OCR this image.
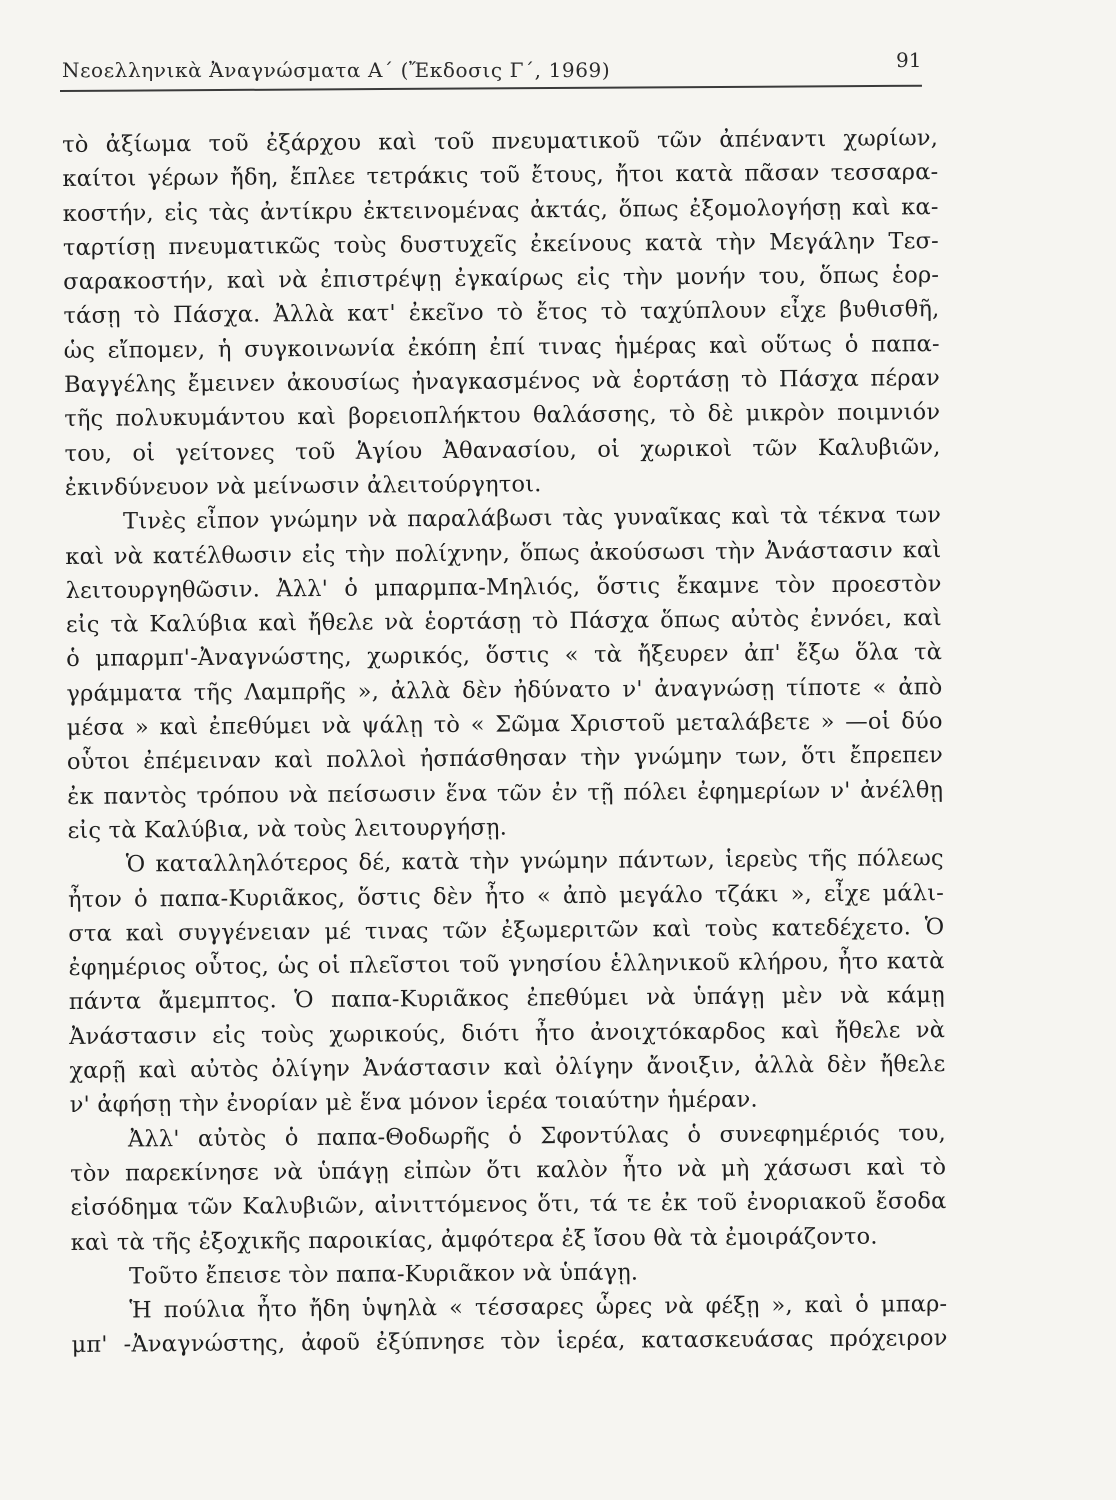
Νεοελληνικὰ Ἀναγνώσματα Α΄ (Ἔκδοσις Γ΄, 1969)	91
τὸ ἀξίωμα τοῦ ἐξάρχου καὶ τοῦ πνευματικοῦ τῶν ἀπέναντι χωρίων,
καίτοι γέρων ἤδη, ἔπλεε τετράκις τοῦ ἔτους, ἤτοι κατὰ πᾶσαν τεσσαρα-
κοστήν, εἰς τὰς ἀντίκρυ ἐκτεινομένας ἀκτάς, ὅπως ἐξομολογήσῃ καὶ κα-
ταρτίσῃ πνευματικῶς τοὺς δυστυχεῖς ἐκείνους κατὰ τὴν Μεγάλην Τεσ-
σαρακοστήν, καὶ νὰ ἐπιστρέψῃ ἐγκαίρως εἰς τὴν μονήν του, ὅπως ἑορ-
τάσῃ τὸ Πάσχα. Ἀλλὰ κατ' ἐκεῖνο τὸ ἔτος τὸ ταχύπλουν εἶχε βυθισθῆ,
ὡς εἴπομεν, ἡ συγκοινωνία ἐκόπη ἐπί τινας ἡμέρας καὶ οὕτως ὁ παπα-
Βαγγέλης ἔμεινεν ἀκουσίως ἠναγκασμένος νὰ ἑορτάσῃ τὸ Πάσχα πέραν
τῆς πολυκυμάντου καὶ βορειοπλήκτου θαλάσσης, τὸ δὲ μικρὸν ποιμνιόν
του, οἱ γείτονες τοῦ Ἁγίου Ἀθανασίου, οἱ χωρικοὶ τῶν Καλυβιῶν,
ἐκινδύνευον νὰ μείνωσιν ἀλειτούργητοι.
Τινὲς εἶπον γνώμην νὰ παραλάβωσι τὰς γυναῖκας καὶ τὰ τέκνα των
καὶ νὰ κατέλθωσιν εἰς τὴν πολίχνην, ὅπως ἀκούσωσι τὴν Ἀνάστασιν καὶ
λειτουργηθῶσιν. Ἀλλ' ὁ μπαρμπα-Μηλιός, ὅστις ἔκαμνε τὸν προεστὸν
εἰς τὰ Καλύβια καὶ ἤθελε νὰ ἑορτάσῃ τὸ Πάσχα ὅπως αὐτὸς ἐννόει, καὶ
ὁ μπαρμπ'-Ἀναγνώστης, χωρικός, ὅστις « τὰ ἤξευρεν ἀπ' ἔξω ὅλα τὰ
γράμματα τῆς Λαμπρῆς », ἀλλὰ δὲν ἠδύνατο ν' ἀναγνώσῃ τίποτε « ἀπὸ
μέσα » καὶ ἐπεθύμει νὰ ψάλῃ τὸ « Σῶμα Χριστοῦ μεταλάβετε » —οἱ δύο
οὗτοι ἐπέμειναν καὶ πολλοὶ ἠσπάσθησαν τὴν γνώμην των, ὅτι ἔπρεπεν
ἐκ παντὸς τρόπου νὰ πείσωσιν ἕνα τῶν ἐν τῇ πόλει ἐφημερίων ν' ἀνέλθῃ
εἰς τὰ Καλύβια, νὰ τοὺς λειτουργήσῃ.
Ὁ καταλληλότερος δέ, κατὰ τὴν γνώμην πάντων, ἱερεὺς τῆς πόλεως
ἦτον ὁ παπα-Κυριᾶκος, ὅστις δὲν ἦτο « ἀπὸ μεγάλο τζάκι », εἶχε μάλι-
στα καὶ συγγένειαν μέ τινας τῶν ἐξωμεριτῶν καὶ τοὺς κατεδέχετο. Ὁ
ἐφημέριος οὗτος, ὡς οἱ πλεῖστοι τοῦ γνησίου ἑλληνικοῦ κλήρου, ἦτο κατὰ
πάντα ἄμεμπτος. Ὁ παπα-Κυριᾶκος ἐπεθύμει νὰ ὑπάγῃ μὲν νὰ κάμῃ
Ἀνάστασιν εἰς τοὺς χωρικούς, διότι ἦτο ἀνοιχτόκαρδος καὶ ἤθελε νὰ
χαρῇ καὶ αὐτὸς ὀλίγην Ἀνάστασιν καὶ ὀλίγην ἄνοιξιν, ἀλλὰ δὲν ἤθελε
ν' ἀφήσῃ τὴν ἐνορίαν μὲ ἕνα μόνον ἱερέα τοιαύτην ἡμέραν.
Ἀλλ' αὐτὸς ὁ παπα-Θοδωρῆς ὁ Σφοντύλας ὁ συνεφημέριός του,
τὸν παρεκίνησε νὰ ὑπάγῃ εἰπὼν ὅτι καλὸν ἦτο νὰ μὴ χάσωσι καὶ τὸ
εἰσόδημα τῶν Καλυβιῶν, αἰνιττόμενος ὅτι, τά τε ἐκ τοῦ ἐνοριακοῦ ἔσοδα
καὶ τὰ τῆς ἐξοχικῆς παροικίας, ἀμφότερα ἐξ ἴσου θὰ τὰ ἐμοιράζοντο.
Τοῦτο ἔπεισε τὸν παπα-Κυριᾶκον νὰ ὑπάγῃ.
Ἡ πούλια ἦτο ἤδη ὑψηλὰ « τέσσαρες ὧρες νὰ φέξῃ », καὶ ὁ μπαρ-
μπ' -Ἀναγνώστης, ἀφοῦ ἐξύπνησε τὸν ἱερέα, κατασκευάσας πρόχειρον
